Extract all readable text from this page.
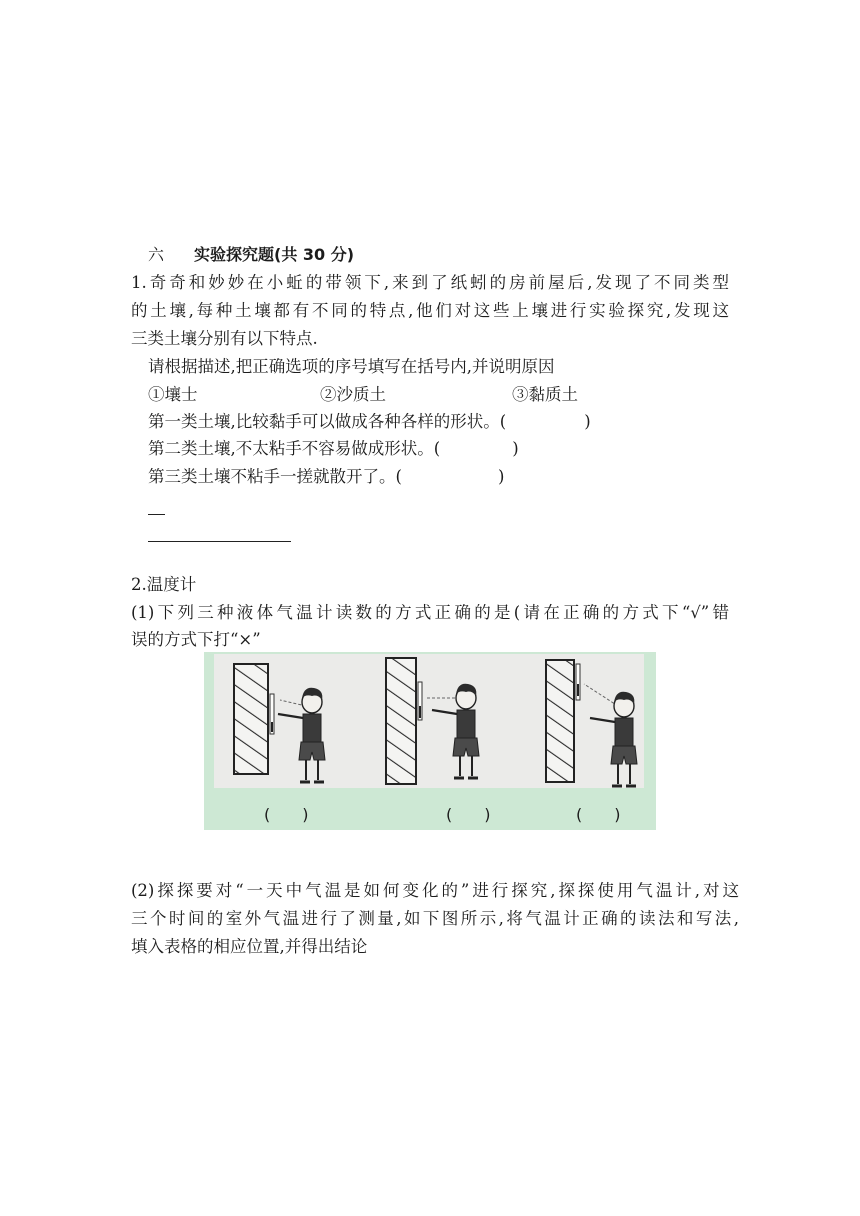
六 实验探究题(共 30 分)
1.奇奇和妙妙在小蚯的带领下,来到了纸蚓的房前屋后,发现了不同类型
的土壤,每种土壤都有不同的特点,他们对这些上壤进行实验探究,发现这
三类土壤分别有以下特点.
请根据描述,把正确选项的序号填写在括号内,并说明原因
①壤士	②沙质土	③黏质土
第一类土壤,比较黏手可以做成各种各样的形状。(	)
第二类土壤,不太粘手不容易做成形状。(	)
第三类土壤不粘手一搓就散开了。(	)
2.温度计
(1)下列三种液体气温计读数的方式正确的是(请在正确的方式下“√”错
误的方式下打“×”
(　　)	(　　)	(　　)
(2)探探要对“一天中气温是如何变化的”进行探究,探探使用气温计,对这
三个时间的室外气温进行了测量,如下图所示,将气温计正确的读法和写法,
填入表格的相应位置,并得出结论
